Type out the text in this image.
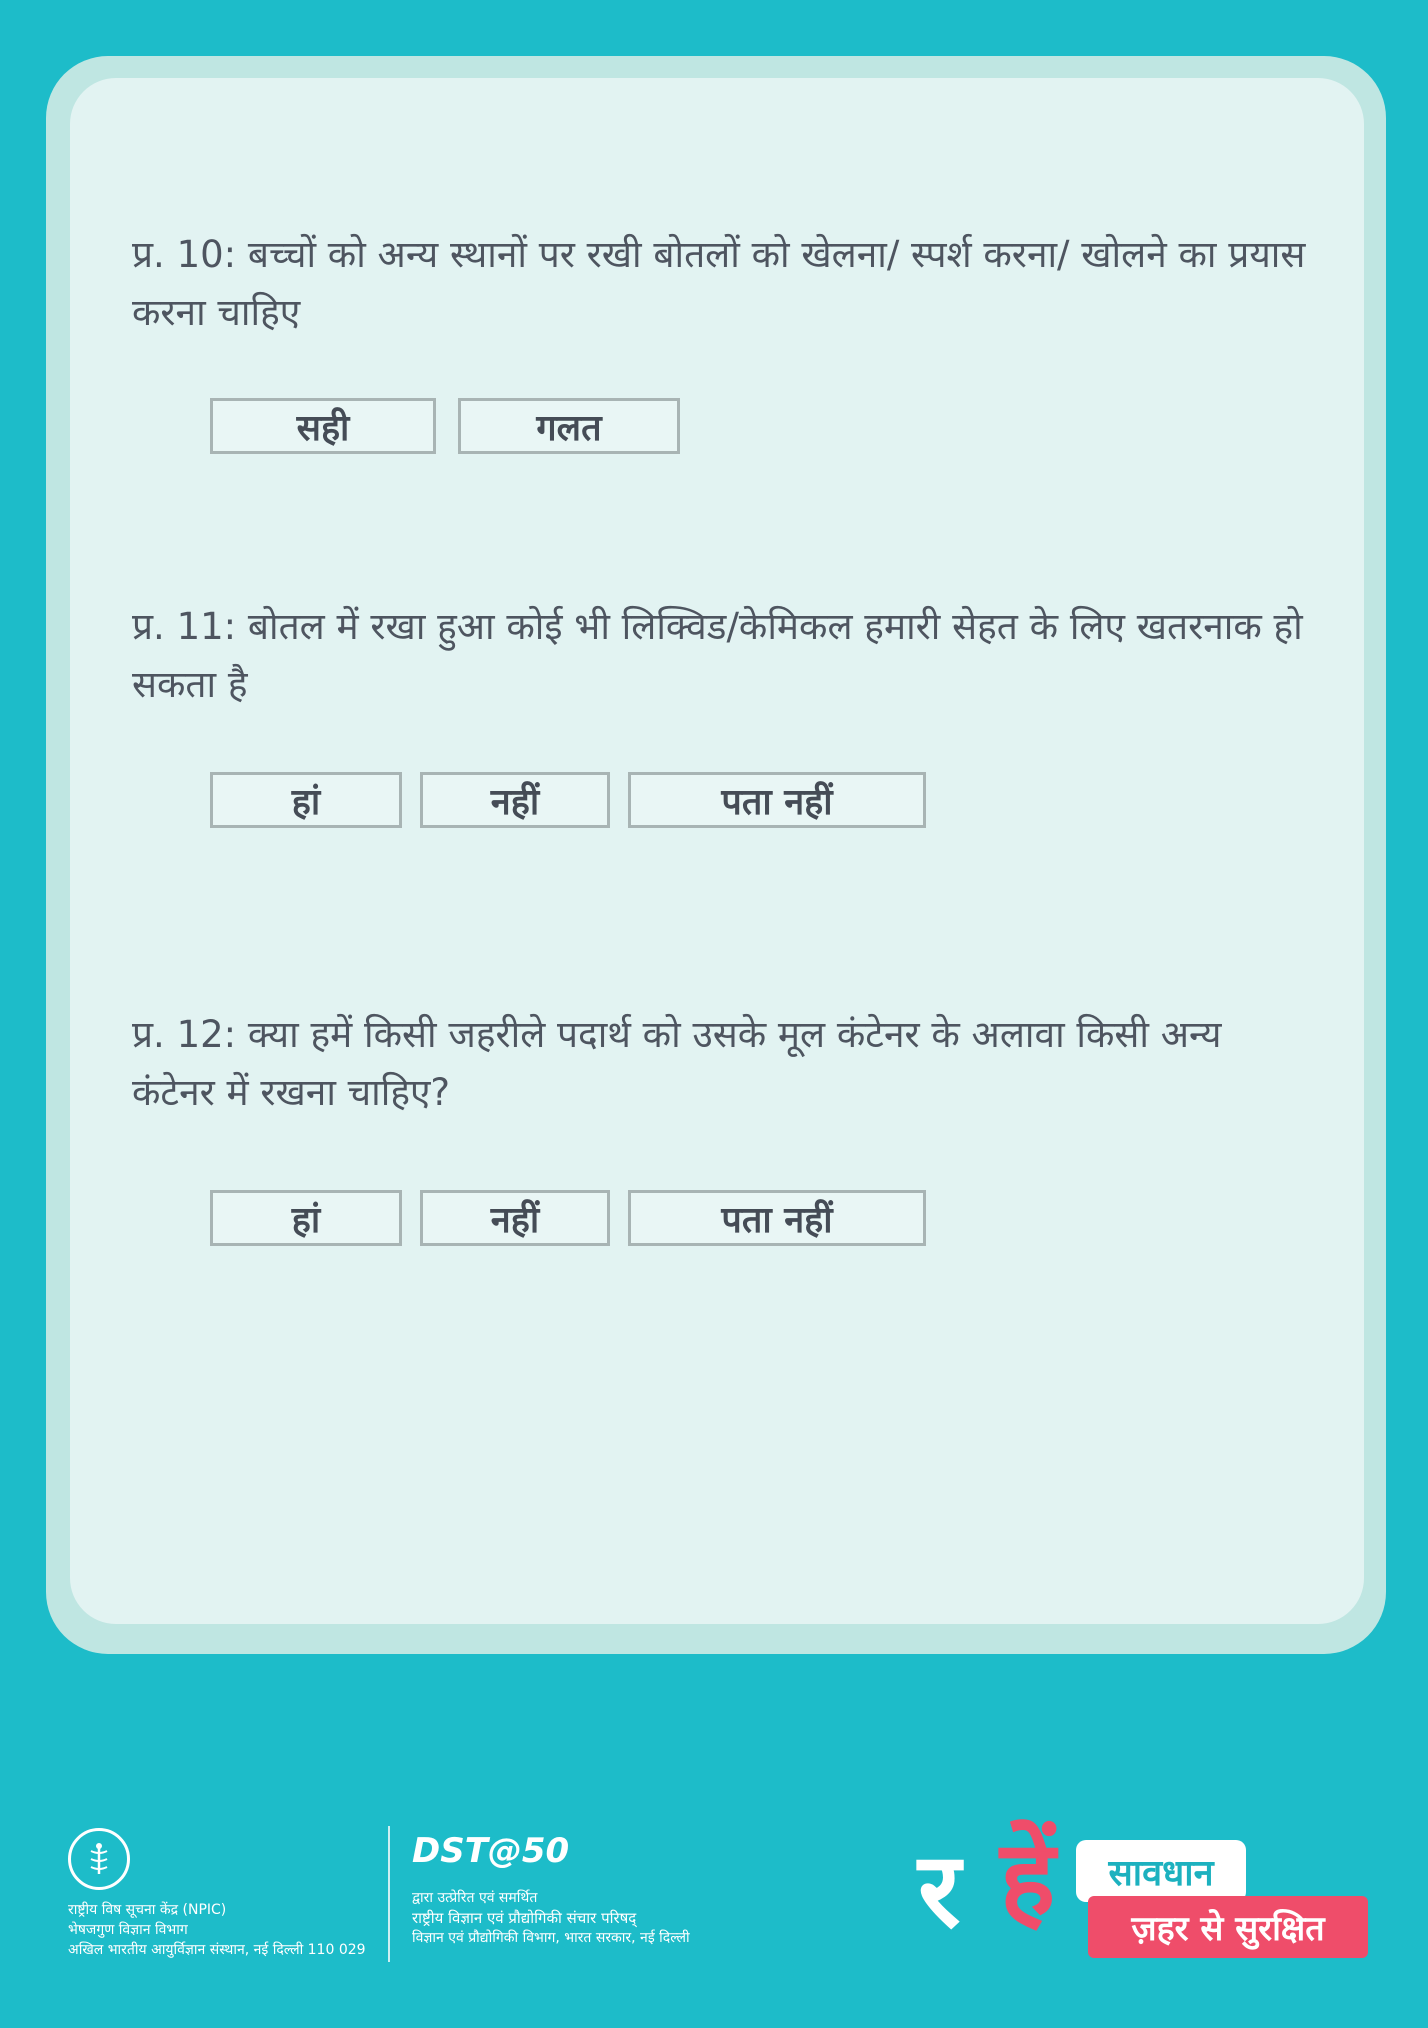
प्र. 10: बच्चों को अन्य स्थानों पर रखी बोतलों को खेलना/ स्पर्श करना/ खोलने का प्रयास करना चाहिए
सही	गलत
प्र. 11: बोतल में रखा हुआ कोई भी लिक्विड/केमिकल हमारी सेहत के लिए खतरनाक हो सकता है
हां	नहीं	पता नहीं
प्र. 12: क्या हमें किसी जहरीले पदार्थ को उसके मूल कंटेनर के अलावा किसी अन्य कंटेनर में रखना चाहिए?
हां	नहीं	पता नहीं
राष्ट्रीय विष सूचना केंद्र (NPIC)
भेषजगुण विज्ञान विभाग
अखिल भारतीय आयुर्विज्ञान संस्थान, नई दिल्ली 110 029
DST@50
द्वारा उत्प्रेरित एवं समर्थित
राष्ट्रीय विज्ञान एवं प्रौद्योगिकी संचार परिषद्
विज्ञान एवं प्रौद्योगिकी विभाग, भारत सरकार, नई दिल्ली र हें	सावधान
ज़हर से सुरक्षित
